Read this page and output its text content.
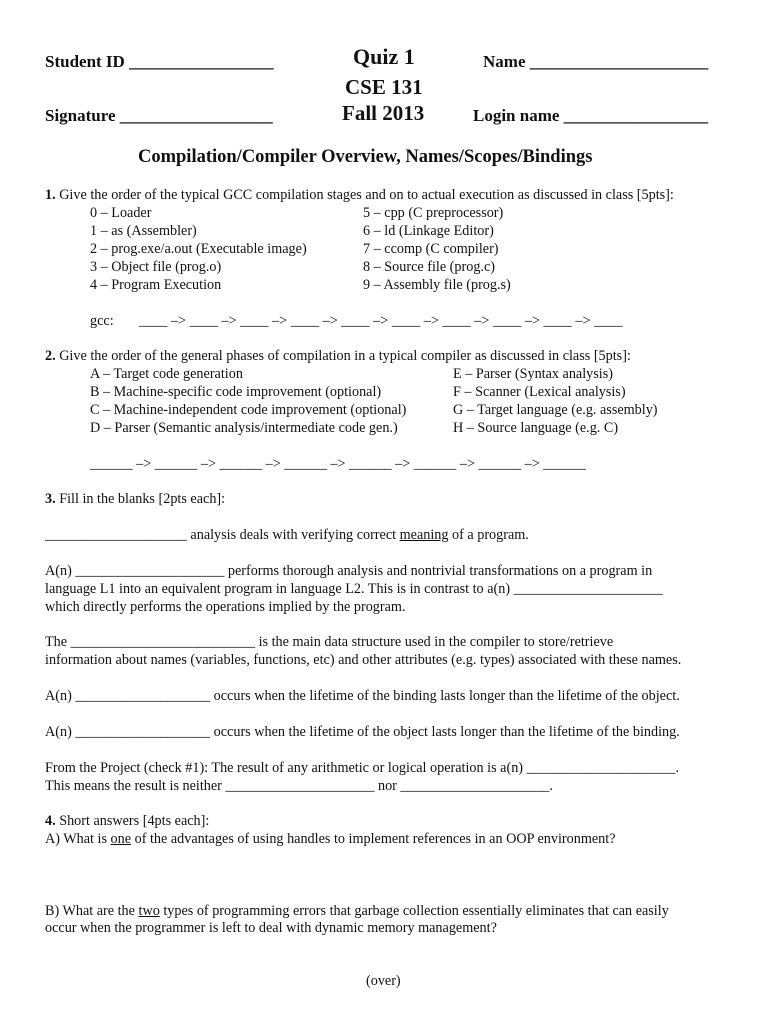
Student ID _________________
Signature __________________
Quiz 1
CSE 131
Fall 2013
Name _____________________
Login name _________________
Compilation/Compiler Overview, Names/Scopes/Bindings
1. Give the order of the typical GCC compilation stages and on to actual execution as discussed in class [5pts]:
0 – Loader
1 – as (Assembler)
2 – prog.exe/a.out (Executable image)
3 – Object file (prog.o)
4 – Program Execution
5 – cpp (C preprocessor)
6 – ld (Linkage Editor)
7 – ccomp (C compiler)
8 – Source file (prog.c)
9 – Assembly file (prog.s)
gcc: ____ –> ____ –> ____ –> ____ –> ____ –> ____ –> ____ –> ____ –> ____ –> ____
2. Give the order of the general phases of compilation in a typical compiler as discussed in class [5pts]:
A – Target code generation
B – Machine-specific code improvement (optional)
C – Machine-independent code improvement (optional)
D – Parser (Semantic analysis/intermediate code gen.)
E – Parser (Syntax analysis)
F – Scanner (Lexical analysis)
G – Target language (e.g. assembly)
H – Source language (e.g. C)
______ –> ______ –> ______ –> ______ –> ______ –> ______ –> ______ –> ______
3. Fill in the blanks [2pts each]:
____________________ analysis deals with verifying correct meaning of a program.
A(n) _____________________ performs thorough analysis and nontrivial transformations on a program in
language L1 into an equivalent program in language L2. This is in contrast to a(n) _____________________
which directly performs the operations implied by the program.
The __________________________ is the main data structure used in the compiler to store/retrieve
information about names (variables, functions, etc) and other attributes (e.g. types) associated with these names.
A(n) ___________________ occurs when the lifetime of the binding lasts longer than the lifetime of the object.
A(n) ___________________ occurs when the lifetime of the object lasts longer than the lifetime of the binding.
From the Project (check #1): The result of any arithmetic or logical operation is a(n) _____________________.
This means the result is neither _____________________ nor _____________________.
4. Short answers [4pts each]:
A) What is one of the advantages of using handles to implement references in an OOP environment?
B) What are the two types of programming errors that garbage collection essentially eliminates that can easily
occur when the programmer is left to deal with dynamic memory management?
(over)
